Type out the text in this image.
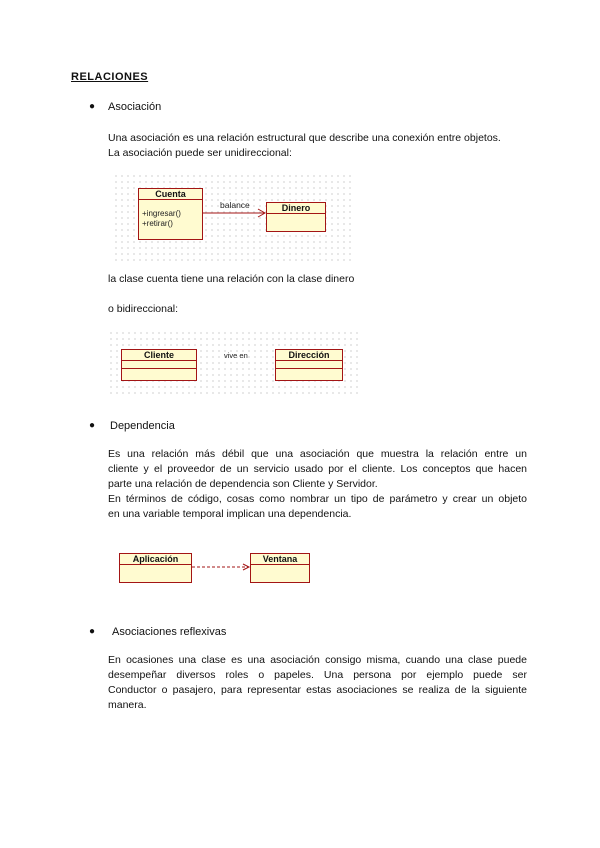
RELACIONES
● Asociación
Una asociación es una relación estructural que describe una conexión entre objetos.
La asociación puede ser unidireccional:
Cuenta
+ingresar()
+retirar()
balance	Dinero
la clase cuenta tiene una relación con la clase dinero
o bidireccional:
Cliente	vive en	Dirección
● Dependencia
Es una relación más débil que una asociación que muestra la relación entre un
cliente y el proveedor de un servicio usado por el cliente. Los conceptos que hacen
parte una relación de dependencia son Cliente y Servidor.
En términos de código, cosas como nombrar un tipo de parámetro y crear un objeto
en una variable temporal implican una dependencia.
Aplicación	Ventana
● Asociaciones reflexivas
En ocasiones una clase es una asociación consigo misma, cuando una clase puede
desempeñar diversos roles o papeles. Una persona por ejemplo puede ser
Conductor o pasajero, para representar estas asociaciones se realiza de la siguiente
manera.
